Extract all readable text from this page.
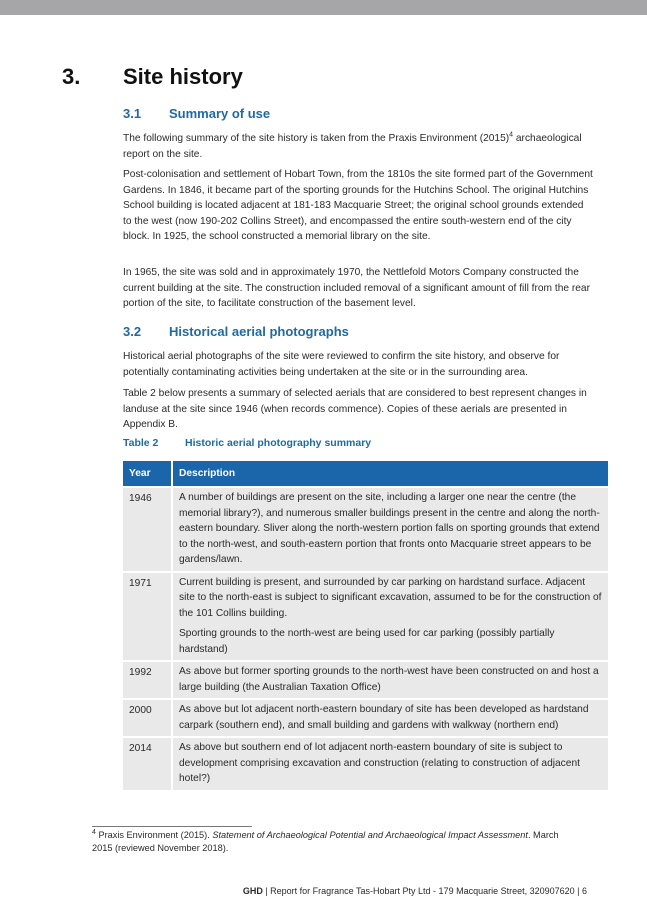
3. Site history
3.1 Summary of use

The following summary of the site history is taken from the Praxis Environment $(2015)^4$ archaeological report on the site.

Post-colonisation and settlement of Hobart Town, from the 1810s the site formed part of the Government Gardens. In 1846, it became part of the sporting grounds for the Hutchins School. The original Hutchins School building is located adjacent at 181-183 Macquarie Street; the original school grounds extended to the west (now 190-202 Collins Street), and encompassed the entire south-western end of the city block. In 1925, the school constructed a memorial library on the site.

In 1965, the site was sold and in approximately 1970, the Nettlefold Motors Company constructed the current building at the site. The construction included removal of a significant amount of fill from the rear portion of the site, to facilitate construction of the basement level.

3.2 Historical aerial photographs

Historical aerial photographs of the site were reviewed to confirm the site history, and observe for potentially contaminating activities being undertaken at the site or in the surrounding area.

Table 2 below presents a summary of selected aerials that are considered to best represent changes in landuse at the site since 1946 (when records commence). Copies of these aerials are presented in Appendix B.

Table 2	Historic aerial photography summary
Year	Description
1946	A number of buildings are present on the site, including a larger one near the centre (the memorial library?), and numerous smaller buildings present in the centre and along the north-eastern boundary. Sliver along the north-western portion falls on sporting grounds that extend to the north-west, and south-eastern portion that fronts onto Macquarie street appears to be gardens/lawn.

1971	Current building is present, and surrounded by car parking on hardstand surface. Adjacent site to the north-east is subject to significant excavation, assumed to be for the construction of the 101 Collins building.

Sporting grounds to the north-west are being used for car parking (possibly partially hardstand)

1992	As above but former sporting grounds to the north-west have been constructed on and host a large building (the Australian Taxation Office)

2000	As above but lot adjacent north-eastern boundary of site has been developed as hardstand carpark (southern end), and small building and gardens with walkway (northern end)

2014	As above but southern end of lot adjacent north-eastern boundary of site is subject to development comprising excavation and construction (relating to construction of adjacent hotel?)

$^4$ Praxis Environment (2015). Statement of Archaeological Potential and Archaeological Impact Assessment. March 2015 (reviewed November 2018).
GHD | Report for Fragrance Tas-Hobart Pty Ltd - 179 Macquarie Street, 320907620 | 6
